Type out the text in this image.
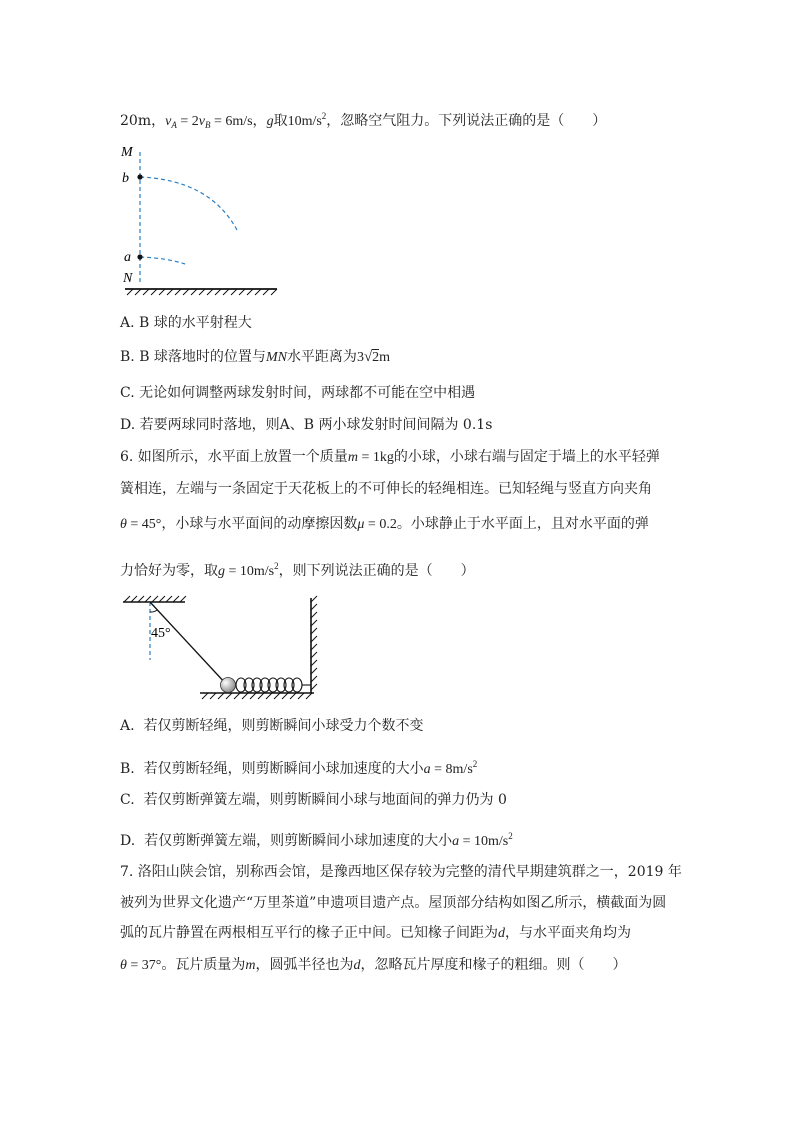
20m，$v_A = 2v_B = 6m/s$，g取$10m/s^2$，忽略空气阻力。下列说法正确的是（　　）
M
b
a
N
A. B 球的水平射程大
B. B 球落地时的位置与MN水平距离为3√2m
C. 无论如何调整两球发射时间，两球都不可能在空中相遇
D. 若要两球同时落地，则A、B 两小球发射时间间隔为 0.1s
6. 如图所示，水平面上放置一个质量m = 1kg的小球，小球右端与固定于墙上的水平轻弹
簧相连，左端与一条固定于天花板上的不可伸长的轻绳相连。已知轻绳与竖直方向夹角
θ = 45°，小球与水平面间的动摩擦因数μ = 0.2。小球静止于水平面上，且对水平面的弹
力恰好为零，取$g = 10m/s^2$，则下列说法正确的是（　　）
45°
A.  若仅剪断轻绳，则剪断瞬间小球受力个数不变
B.  若仅剪断轻绳，则剪断瞬间小球加速度的大小$a = 8m/s^2$
C.  若仅剪断弹簧左端，则剪断瞬间小球与地面间的弹力仍为 0
D.  若仅剪断弹簧左端，则剪断瞬间小球加速度的大小$a = 10m/s^2$
7. 洛阳山陕会馆，别称西会馆，是豫西地区保存较为完整的清代早期建筑群之一，2019 年
被列为世界文化遗产“万里茶道”申遗项目遗产点。屋顶部分结构如图乙所示，横截面为圆
弧的瓦片静置在两根相互平行的椽子正中间。已知椽子间距为d，与水平面夹角均为
θ = 37°。瓦片质量为m，圆弧半径也为d，忽略瓦片厚度和椽子的粗细。则（　　）
